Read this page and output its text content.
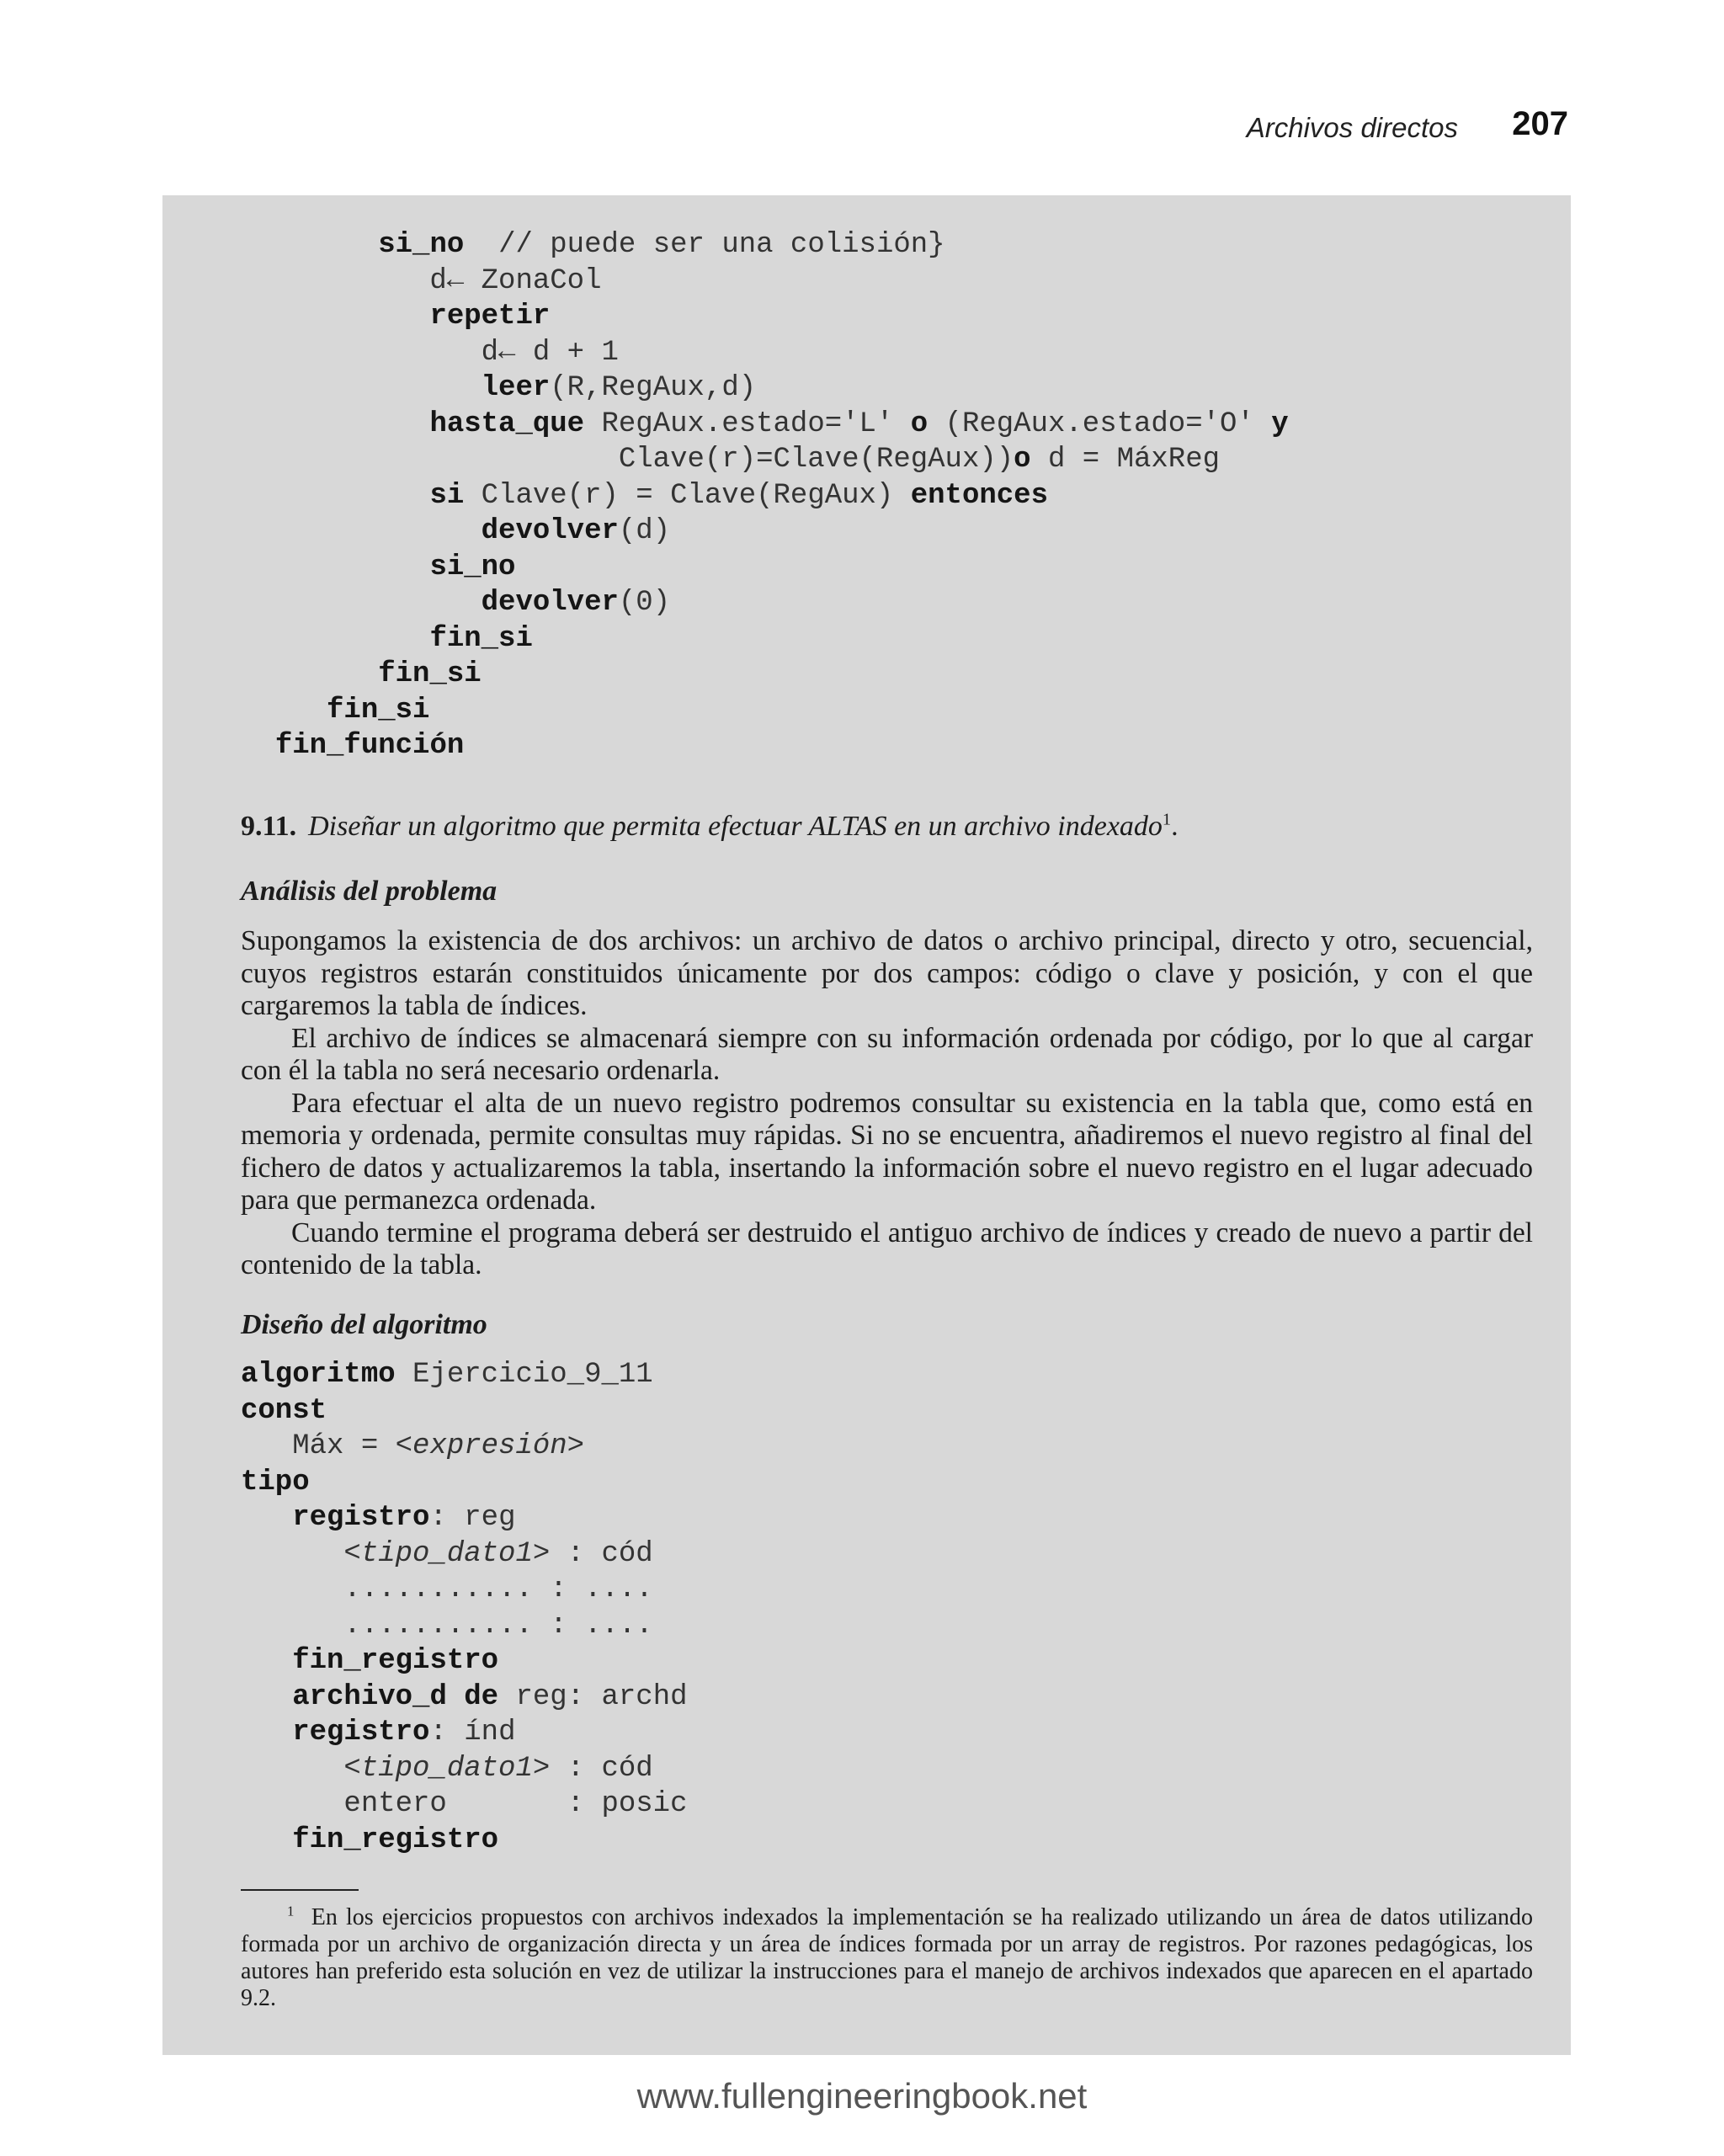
Archivos directos 207
si_no  // puede ser una colisión}
d← ZonaCol
repetir
d← d + 1
leer(R,RegAux,d)
hasta_que RegAux.estado='L' o (RegAux.estado='O' y
Clave(r)=Clave(RegAux))o d = MáxReg
si Clave(r) = Clave(RegAux) entonces
devolver(d)
si_no
devolver(0)
fin_si
fin_si
fin_si
fin_función
9.11. Diseñar un algoritmo que permita efectuar ALTAS en un archivo indexado$^1$.
Análisis del problema

Supongamos la existencia de dos archivos: un archivo de datos o archivo principal, directo y otro, secuencial, cuyos registros estarán constituidos únicamente por dos campos: código o clave y posición, y con el que cargaremos la tabla de índices.

El archivo de índices se almacenará siempre con su información ordenada por código, por lo que al cargar con él la tabla no será necesario ordenarla.

Para efectuar el alta de un nuevo registro podremos consultar su existencia en la tabla que, como está en memoria y ordenada, permite consultas muy rápidas. Si no se encuentra, añadiremos el nuevo registro al final del fichero de datos y actualizaremos la tabla, insertando la información sobre el nuevo registro en el lugar adecuado para que permanezca ordenada.

Cuando termine el programa deberá ser destruido el antiguo archivo de índices y creado de nuevo a partir del contenido de la tabla.

Diseño del algoritmo
algoritmo Ejercicio_9_11
const
Máx = <expresión>
tipo
registro: reg
<tipo_dato1> : cód
........... : ....
........... : ....
fin_registro
archivo_d de reg: archd
registro: índ
<tipo_dato1> : cód
entero       : posic
fin_registro
$^1$ En los ejercicios propuestos con archivos indexados la implementación se ha realizado utilizando un área de datos utilizando formada por un archivo de organización directa y un área de índices formada por un array de registros. Por razones pedagógicas, los autores han preferido esta solución en vez de utilizar la instrucciones para el manejo de archivos indexados que aparecen en el apartado 9.2.
www.fullengineeringbook.net
